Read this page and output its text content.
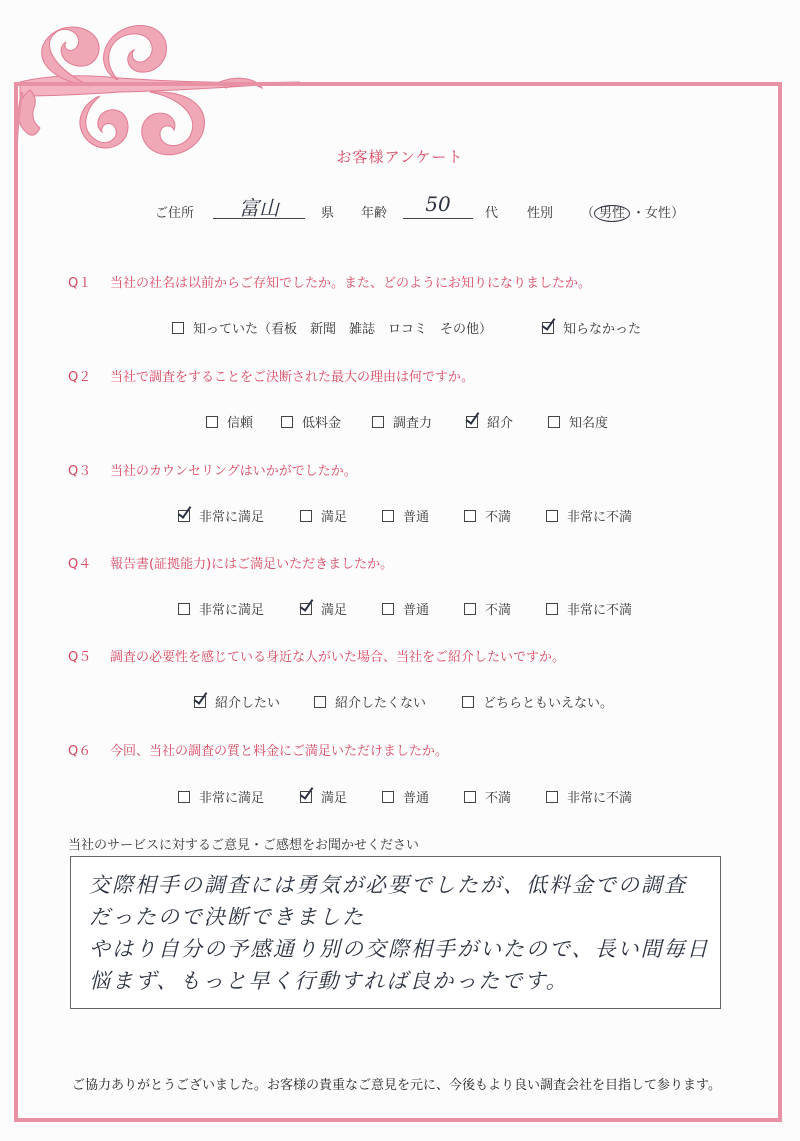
お客様アンケート
ご住所	富山	県 年齢	50	代 性別 （ 男性 ・女性）
Q１ 当社の社名は以前からご存知でしたか。また、どのようにお知りになりましたか。
知っていた（看板　新聞　雑誌　ロコミ　その他）	知らなかった
Q２ 当社で調査をすることをご決断された最大の理由は何ですか。
信頼	低料金	調査力	紹介	知名度
Q３ 当社のカウンセリングはいかがでしたか。
非常に満足	満足	普通	不満	非常に不満
Q４ 報告書(証拠能力)にはご満足いただきましたか。
非常に満足	満足	普通	不満	非常に不満
Q５ 調査の必要性を感じている身近な人がいた場合、当社をご紹介したいですか。
紹介したい	紹介したくない	どちらともいえない。
Q６ 今回、当社の調査の質と料金にご満足いただけましたか。
非常に満足	満足	普通	不満	非常に不満
当社のサービスに対するご意見・ご感想をお聞かせください
交際相手の調査には勇気が必要でしたが、低料金での調査
だったので決断できました
やはり自分の予感通り別の交際相手がいたので、長い間毎日
悩まず、もっと早く行動すれば良かったです。
ご協力ありがとうございました。お客様の貴重なご意見を元に、今後もより良い調査会社を目指して参ります。
